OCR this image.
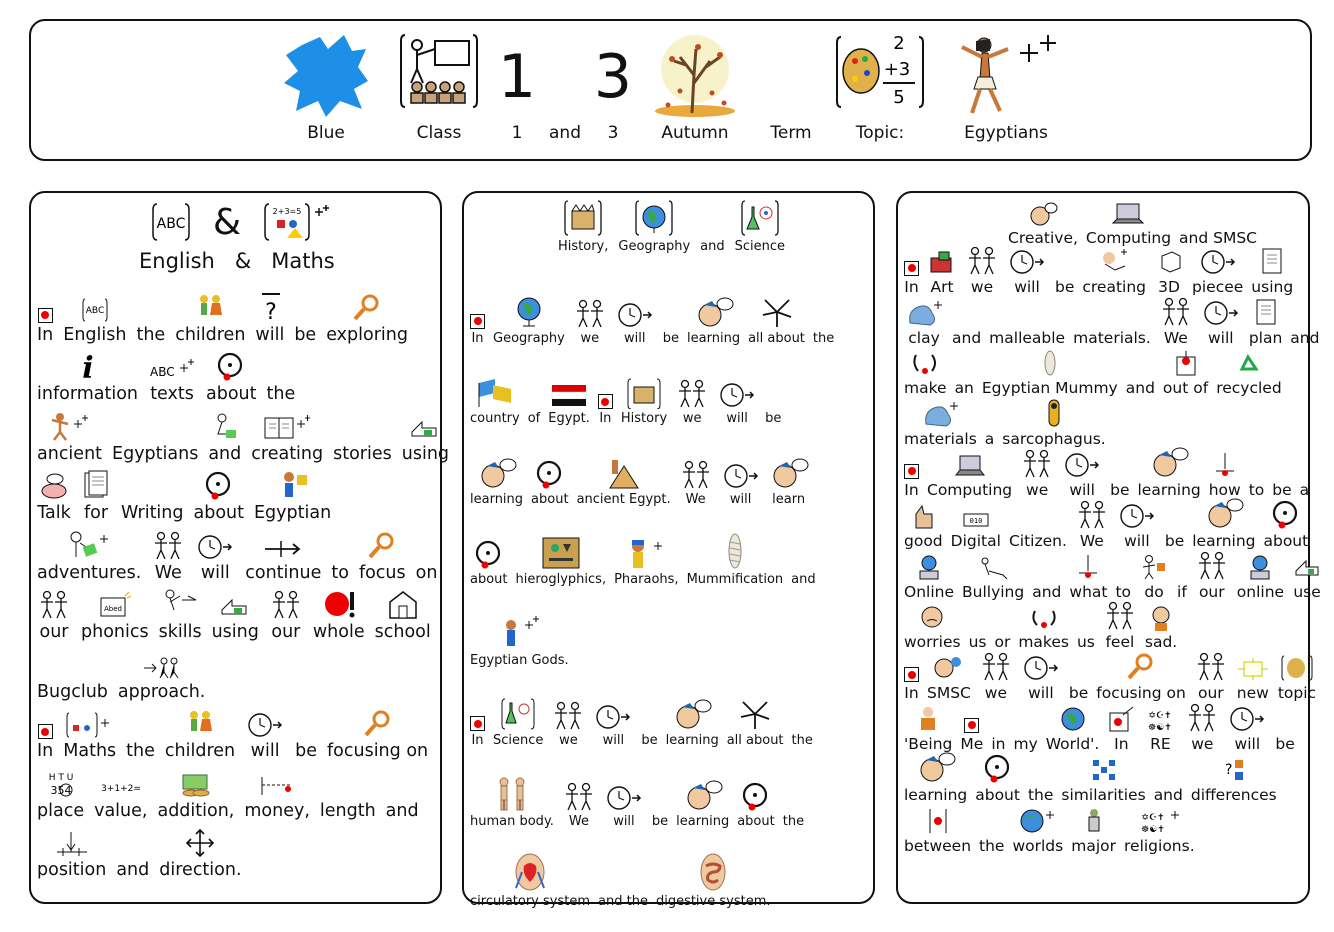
Blue	Class
1
1	and
3
3	Autumn	Term
2
+3
5
Topic:	Egyptians
ABC &	2+3=5
English & Maths
In
ABC
English the children
?
will be exploring
i
information
ABC
texts about the
ancient Egyptians and creating stories using
Talk for Writing about Egyptian
adventures. We will continue to focus on
our
Abed
phonics skills using our whole school
Bugclub approach.
In Maths the children will be focusing on
H T U
354
place
3+1+2=
value, addition, money, length and
position and direction.
History, Geography and Science
In Geography we will be learning all about the
country of Egypt. In History we will be
learning about ancient Egypt. We will learn
about hieroglyphics, Pharaohs, Mummification and
Egyptian Gods.
In Science we will be learning all about the
human body. We will be learning about the
circulatory system and the digestive system.
Creative, Computing and SMSC
In Art we will be creating 3D piecee using
clay and malleable materials. We will plan and
make an Egyptian Mummy and out of recycled
materials a sarcophagus.
In Computing we will be learning how to be a
good
010
Digital Citizen. We will be learning about
Online Bullying and what to do if our online use
worries us or makes us feel sad.
In SMSC we will be focusing on our new topic
'Being Me in my World'. In
✡☪✝
☸☯✝
RE we will be
learning about the similarities and
?
differences
between the worlds major
✡☪✝
☸☯✝
religions.
